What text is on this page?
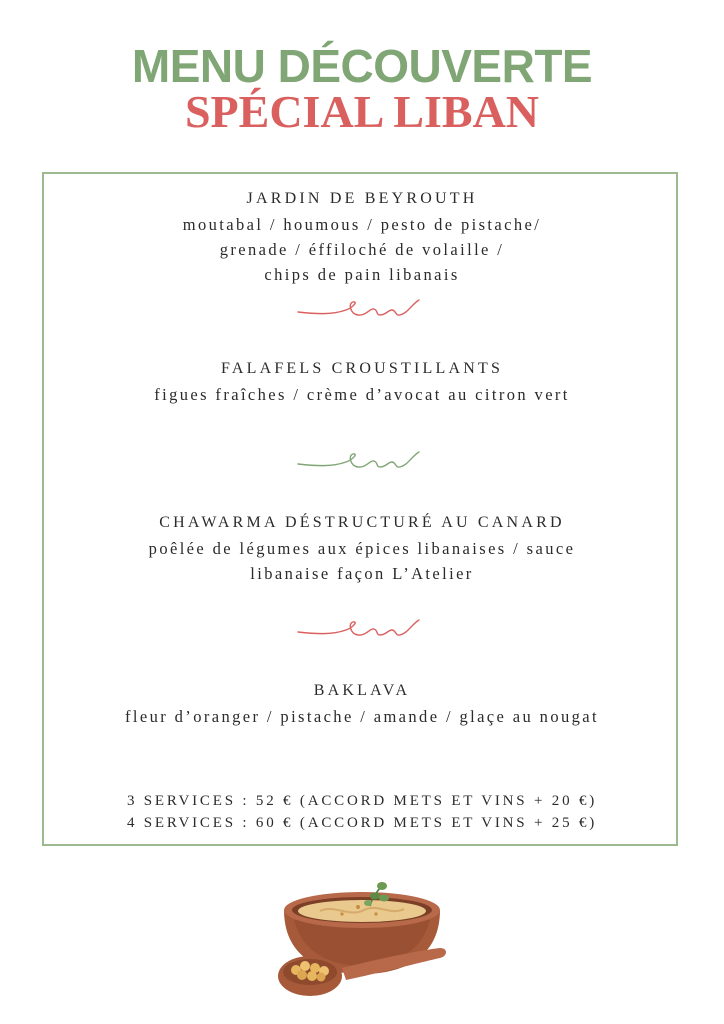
MENU DÉCOUVERTE
SPÉCIAL LIBAN
JARDIN DE BEYROUTH
moutabal / houmous / pesto de pistache/
grenade / éffiloché de volaille /
chips de pain libanais
FALAFELS CROUSTILLANTS
figues fraîches / crème d’avocat au citron vert
CHAWARMA DÉSTRUCTURÉ AU CANARD
poêlée de légumes aux épices libanaises / sauce
libanaise façon L’Atelier
BAKLAVA
fleur d’oranger / pistache / amande / glaçe au nougat
3 SERVICES : 52 € (ACCORD METS ET VINS + 20 €)
4 SERVICES : 60 € (ACCORD METS ET VINS + 25 €)
